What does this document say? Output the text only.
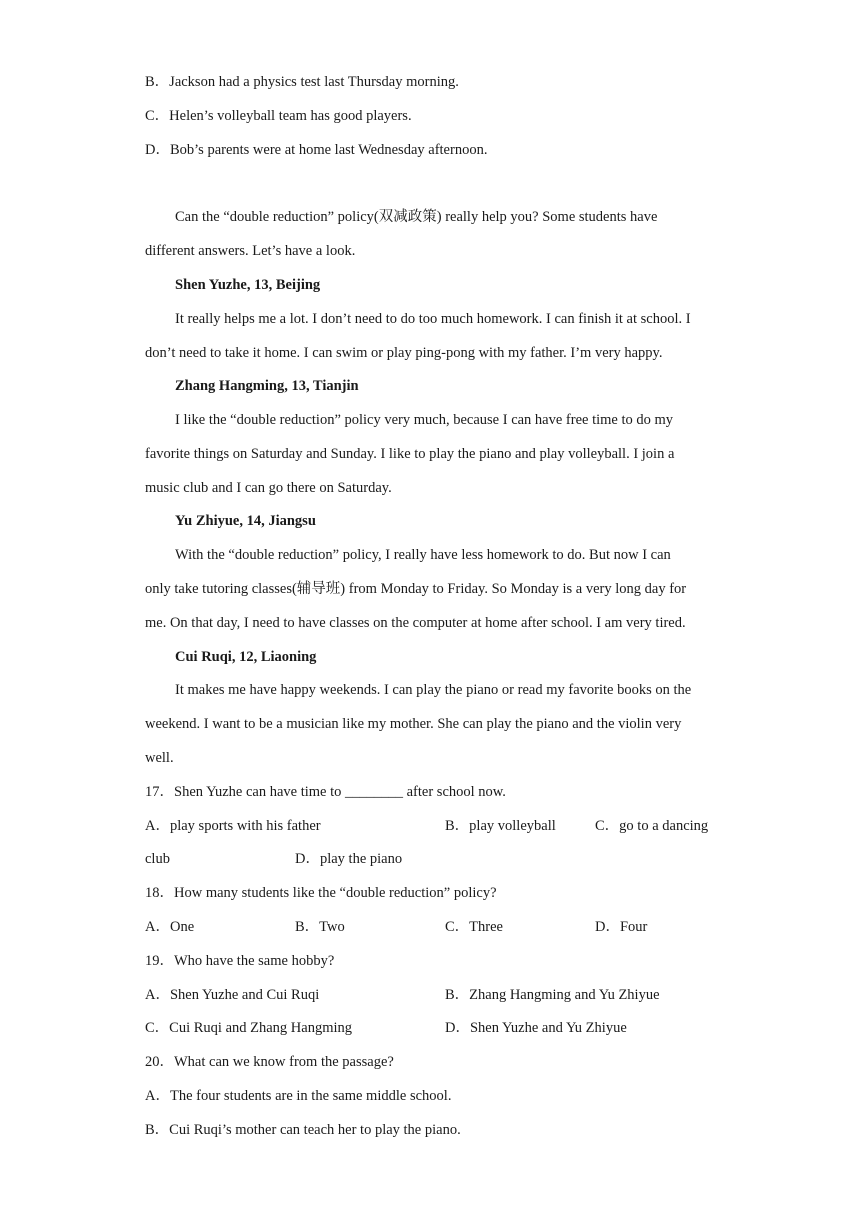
B．Jackson had a physics test last Thursday morning.
C．Helen’s volleyball team has good players.
D．Bob’s parents were at home last Wednesday afternoon.
Can the “double reduction” policy(双减政策) really help you? Some students have
different answers. Let’s have a look.
Shen Yuzhe, 13, Beijing
It really helps me a lot. I don’t need to do too much homework. I can finish it at school. I
don’t need to take it home. I can swim or play ping-pong with my father. I’m very happy.
Zhang Hangming, 13, Tianjin
I like the “double reduction” policy very much, because I can have free time to do my
favorite things on Saturday and Sunday. I like to play the piano and play volleyball. I join a
music club and I can go there on Saturday.
Yu Zhiyue, 14, Jiangsu
With the “double reduction” policy, I really have less homework to do. But now I can
only take tutoring classes(辅导班) from Monday to Friday. So Monday is a very long day for
me. On that day, I need to have classes on the computer at home after school. I am very tired.
Cui Ruqi, 12, Liaoning
It makes me have happy weekends. I can play the piano or read my favorite books on the
weekend. I want to be a musician like my mother. She can play the piano and the violin very
well.
17．Shen Yuzhe can have time to ________ after school now.
A．play sports with his father	B．play volleyball	C．go to a dancing
club	D．play the piano
18．How many students like the “double reduction” policy?
A．One	B．Two	C．Three	D．Four
19．Who have the same hobby?
A．Shen Yuzhe and Cui Ruqi	B．Zhang Hangming and Yu Zhiyue
C．Cui Ruqi and Zhang Hangming	D．Shen Yuzhe and Yu Zhiyue
20．What can we know from the passage?
A．The four students are in the same middle school.
B．Cui Ruqi’s mother can teach her to play the piano.
